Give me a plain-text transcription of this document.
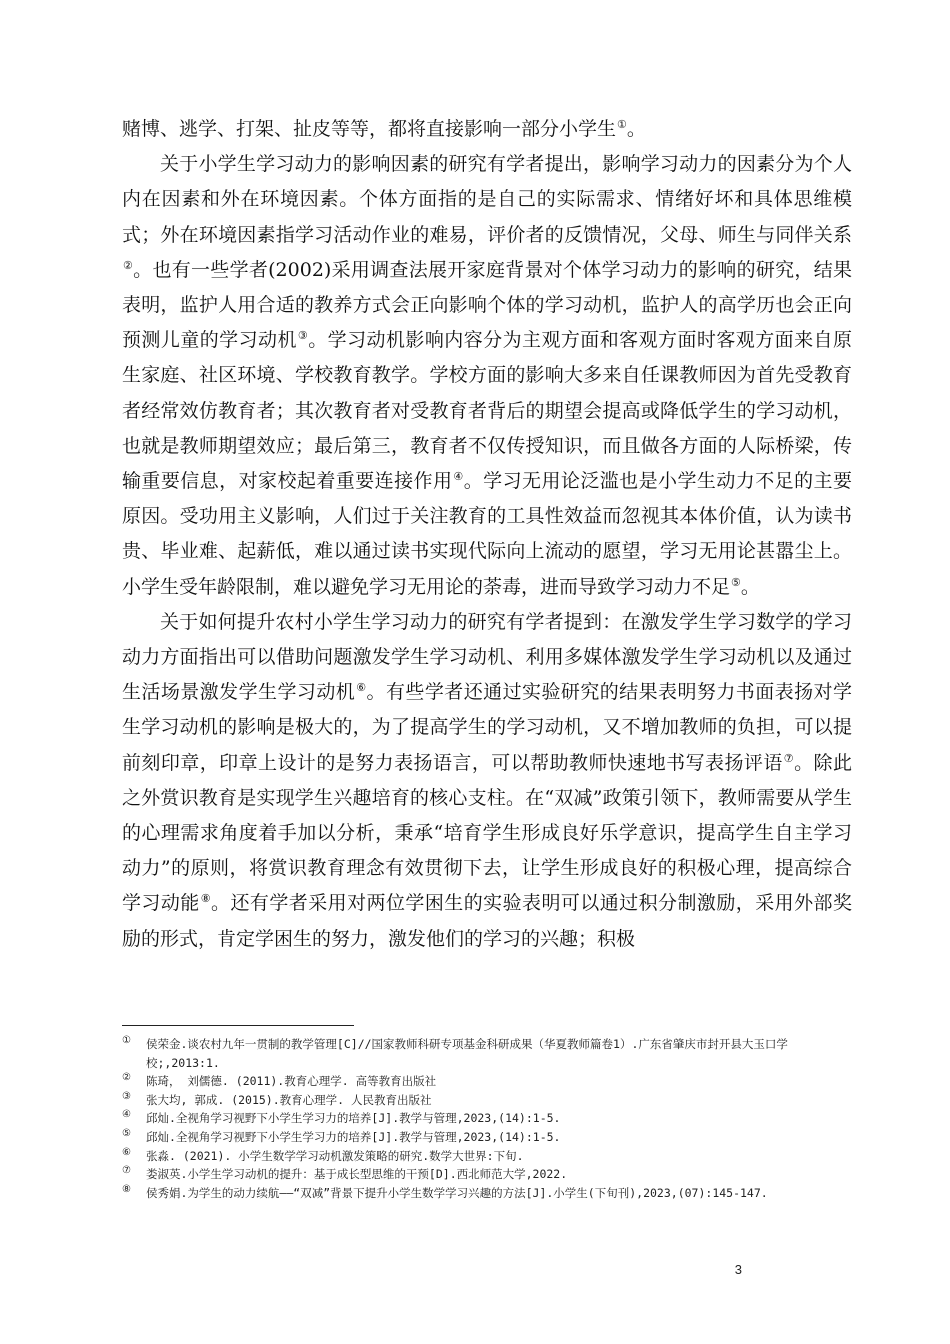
赌博、逃学、打架、扯皮等等，都将直接影响一部分小学生①。

关于小学生学习动力的影响因素的研究有学者提出，影响学习动力的因素分为个人内在因素和外在环境因素。个体方面指的是自己的实际需求、情绪好坏和具体思维模式；外在环境因素指学习活动作业的难易，评价者的反馈情况，父母、师生与同伴关系②。也有一些学者(2002)采用调查法展开家庭背景对个体学习动力的影响的研究，结果表明，监护人用合适的教养方式会正向影响个体的学习动机，监护人的高学历也会正向预测儿童的学习动机③。学习动机影响内容分为主观方面和客观方面时客观方面来自原生家庭、社区环境、学校教育教学。学校方面的影响大多来自任课教师因为首先受教育者经常效仿教育者；其次教育者对受教育者背后的期望会提高或降低学生的学习动机，也就是教师期望效应；最后第三，教育者不仅传授知识，而且做各方面的人际桥梁，传输重要信息，对家校起着重要连接作用④。学习无用论泛滥也是小学生动力不足的主要原因。受功用主义影响，人们过于关注教育的工具性效益而忽视其本体价值，认为读书贵、毕业难、起薪低，难以通过读书实现代际向上流动的愿望，学习无用论甚嚣尘上。小学生受年龄限制，难以避免学习无用论的荼毒，进而导致学习动力不足⑤。

关于如何提升农村小学生学习动力的研究有学者提到：在激发学生学习数学的学习动力方面指出可以借助问题激发学生学习动机、利用多媒体激发学生学习动机以及通过生活场景激发学生学习动机⑥。有些学者还通过实验研究的结果表明努力书面表扬对学生学习动机的影响是极大的，为了提高学生的学习动机，又不增加教师的负担，可以提前刻印章，印章上设计的是努力表扬语言，可以帮助教师快速地书写表扬评语⑦。除此之外赏识教育是实现学生兴趣培育的核心支柱。在“双减”政策引领下，教师需要从学生的心理需求角度着手加以分析，秉承“培育学生形成良好乐学意识，提高学生自主学习动力”的原则，将赏识教育理念有效贯彻下去，让学生形成良好的积极心理，提高综合学习动能⑧。还有学者采用对两位学困生的实验表明可以通过积分制激励，采用外部奖励的形式，肯定学困生的努力，激发他们的学习的兴趣；积极

① 侯荣金.谈农村九年一贯制的教学管理[C]//国家教师科研专项基金科研成果（华夏教师篇卷1）.广东省肇庆市封开县大玉口学校;,2013:1.
② 陈琦， 刘儒德. (2011).教育心理学. 高等教育出版社
③ 张大均, 郭成. (2015).教育心理学. 人民教育出版社
④ 邱灿.全视角学习视野下小学生学习力的培养[J].教学与管理,2023,(14):1-5.
⑤ 邱灿.全视角学习视野下小学生学习力的培养[J].教学与管理,2023,(14):1-5.
⑥ 张淼. (2021). 小学生数学学习动机激发策略的研究.数学大世界:下旬.
⑦ 娄淑英.小学生学习动机的提升：基于成长型思维的干预[D].西北师范大学,2022.
⑧ 侯秀娟.为学生的动力续航——“双减”背景下提升小学生数学学习兴趣的方法[J].小学生(下旬刊),2023,(07):145-147.
3
